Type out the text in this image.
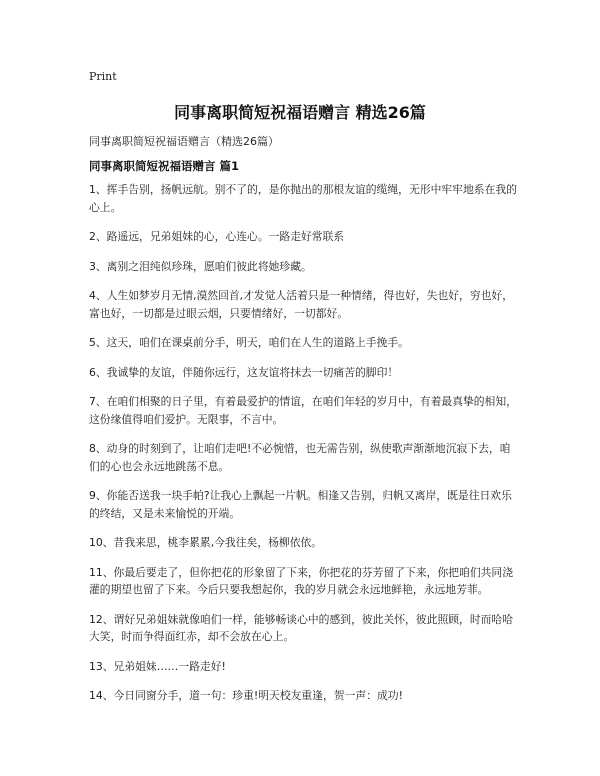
Print
同事离职简短祝福语赠言 精选26篇
同事离职简短祝福语赠言（精选26篇）
同事离职简短祝福语赠言 篇1

1、挥手告别，扬帆远航。别不了的，是你抛出的那根友谊的缆绳，无形中牢牢地系在我的心上。

2、路遥远，兄弟姐妹的心，心连心。一路走好常联系

3、离别之泪纯似珍珠，愿咱们彼此将她珍藏。

4、人生如梦岁月无情,漠然回首,才发觉人活着只是一种情绪，得也好，失也好，穷也好，富也好，一切都是过眼云烟，只要情绪好，一切都好。

5、这天，咱们在课桌前分手，明天，咱们在人生的道路上手挽手。

6、我诚挚的友谊，伴随你远行，这友谊将抹去一切痛苦的脚印！

7、在咱们相聚的日子里，有着最爱护的情谊，在咱们年轻的岁月中，有着最真挚的相知，这份缘值得咱们爱护。无限事，不言中。

8、动身的时刻到了，让咱们走吧!不必惋惜，也无需告别，纵使歌声渐渐地沉寂下去，咱们的心也会永远地跳荡不息。

9、你能否送我一块手帕?让我心上飘起一片帆。相逢又告别，归帆又离岸，既是往日欢乐的终结，又是未来愉悦的开端。

10、昔我来思，桃李累累,今我往矣，杨柳依依。

11、你最后要走了，但你把花的形象留了下来，你把花的芬芳留了下来，你把咱们共同浇灌的期望也留了下来。今后只要我想起你，我的岁月就会永远地鲜艳，永远地芳菲。

12、谓好兄弟姐妹就像咱们一样，能够畅谈心中的感到，彼此关怀，彼此照顾，时而哈哈大笑，时而争得面红赤，却不会放在心上。

13、兄弟姐妹……一路走好!

14、今日同窗分手，道一句：珍重!明天校友重逢，贺一声：成功!
